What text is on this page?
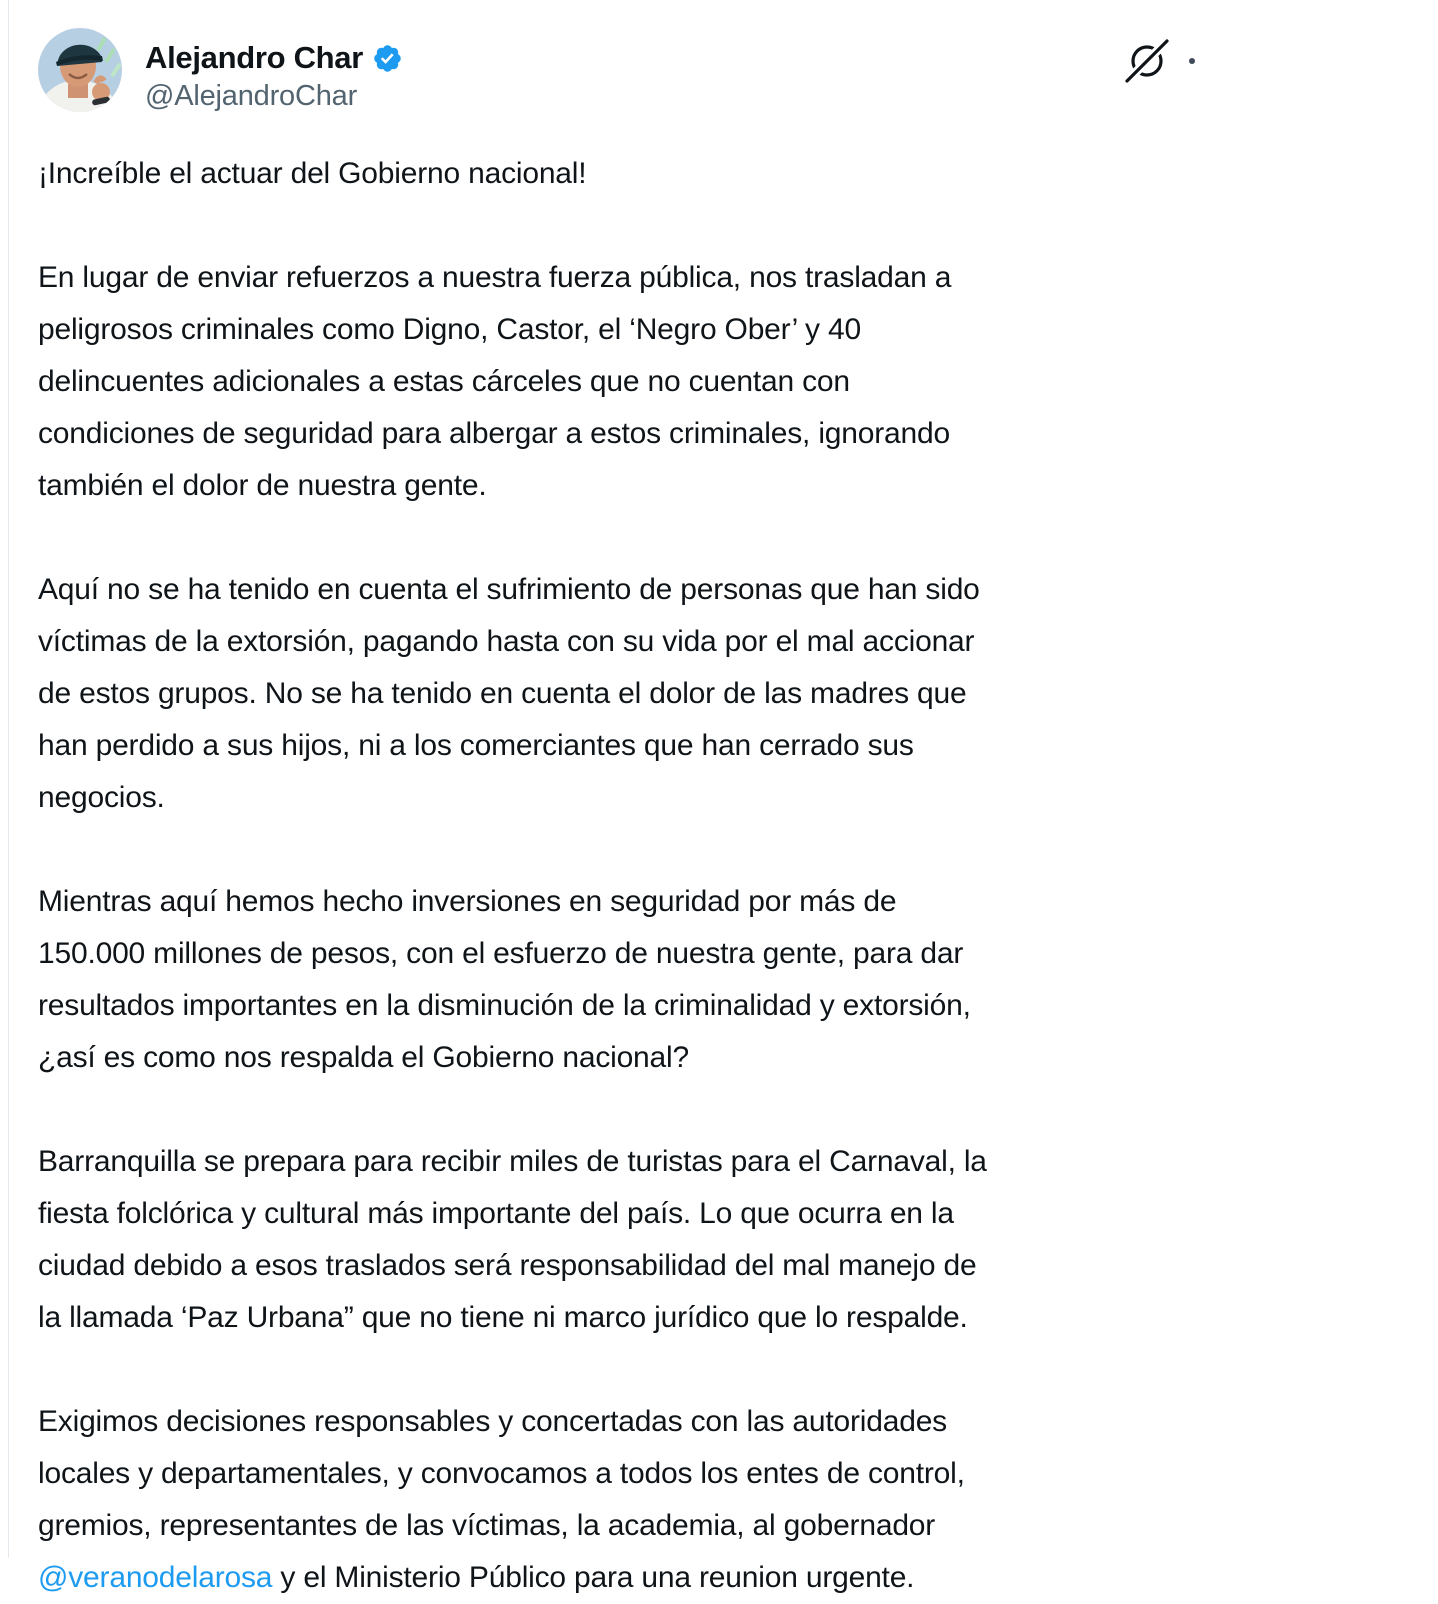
Alejandro Char
@AlejandroChar
¡Increíble el actuar del Gobierno nacional!
En lugar de enviar refuerzos a nuestra fuerza pública, nos trasladan a
peligrosos criminales como Digno, Castor, el ‘Negro Ober’ y 40
delincuentes adicionales a estas cárceles que no cuentan con
condiciones de seguridad para albergar a estos criminales, ignorando
también el dolor de nuestra gente.
Aquí no se ha tenido en cuenta el sufrimiento de personas que han sido
víctimas de la extorsión, pagando hasta con su vida por el mal accionar
de estos grupos. No se ha tenido en cuenta el dolor de las madres que
han perdido a sus hijos, ni a los comerciantes que han cerrado sus
negocios.
Mientras aquí hemos hecho inversiones en seguridad por más de
150.000 millones de pesos, con el esfuerzo de nuestra gente, para dar
resultados importantes en la disminución de la criminalidad y extorsión,
¿así es como nos respalda el Gobierno nacional?
Barranquilla se prepara para recibir miles de turistas para el Carnaval, la
fiesta folclórica y cultural más importante del país. Lo que ocurra en la
ciudad debido a esos traslados será responsabilidad del mal manejo de
la llamada ‘Paz Urbana” que no tiene ni marco jurídico que lo respalde.
Exigimos decisiones responsables y concertadas con las autoridades
locales y departamentales, y convocamos a todos los entes de control,
gremios, representantes de las víctimas, la academia, al gobernador
@veranodelarosa y el Ministerio Público para una reunion urgente.
